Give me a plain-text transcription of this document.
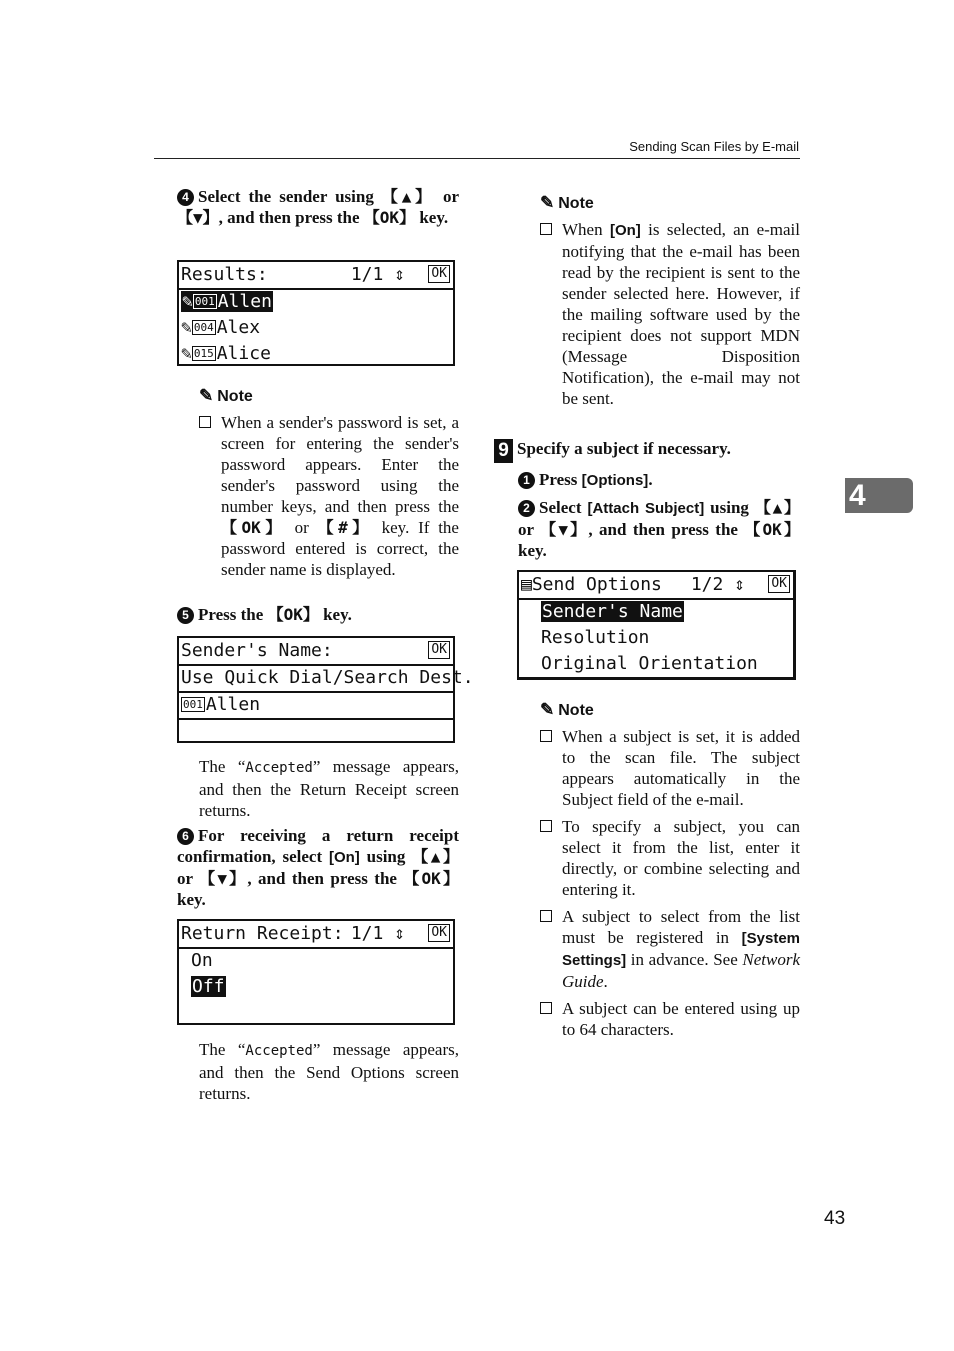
Sending Scan Files by E-mail
4
43
4 Select the sender using 【▲】 or 【▼】, and then press the 【OK】 key.
Results:	1/1 ⇕ OK
✎ 001 Allen
✎ 004 Alex
✎ 015 Alice
✎ Note
When a sender's password is set, a screen for entering the sender's password appears. Enter the sender's password using the number keys, and then press the 【OK】 or 【#】 key. If the password entered is correct, the sender name is displayed.
5 Press the 【OK】 key.
Sender's Name:	OK
Use Quick Dial/Search Dest.
001 Allen
The “Accepted” message appears, and then the Return Receipt screen returns.
6 For receiving a return receipt confirmation, select [On] using 【▲】 or 【▼】, and then press the 【OK】 key.
Return Receipt: 1/1 ⇕ OK
On
Off
The “Accepted” message appears, and then the Send Options screen returns.
✎ Note
When [On] is selected, an e-mail notifying that the e-mail has been read by the recipient is sent to the sender selected here. However, if the mailing software used by the recipient does not support MDN (Message Disposition Notification), the e-mail may not be sent.
9 Specify a subject if necessary.
1 Press [Options].
2 Select [Attach Subject] using 【▲】 or 【▼】, and then press the 【OK】 key.
▤Send Options 1/2 ⇕ OK
Sender's Name
Resolution
Original Orientation
✎ Note
When a subject is set, it is added to the scan file. The subject appears automatically in the Subject field of the e-mail.
To specify a subject, you can select it from the list, enter it directly, or combine selecting and entering it.
A subject to select from the list must be registered in [System Settings] in advance. See Network Guide.
A subject can be entered using up to 64 characters.
